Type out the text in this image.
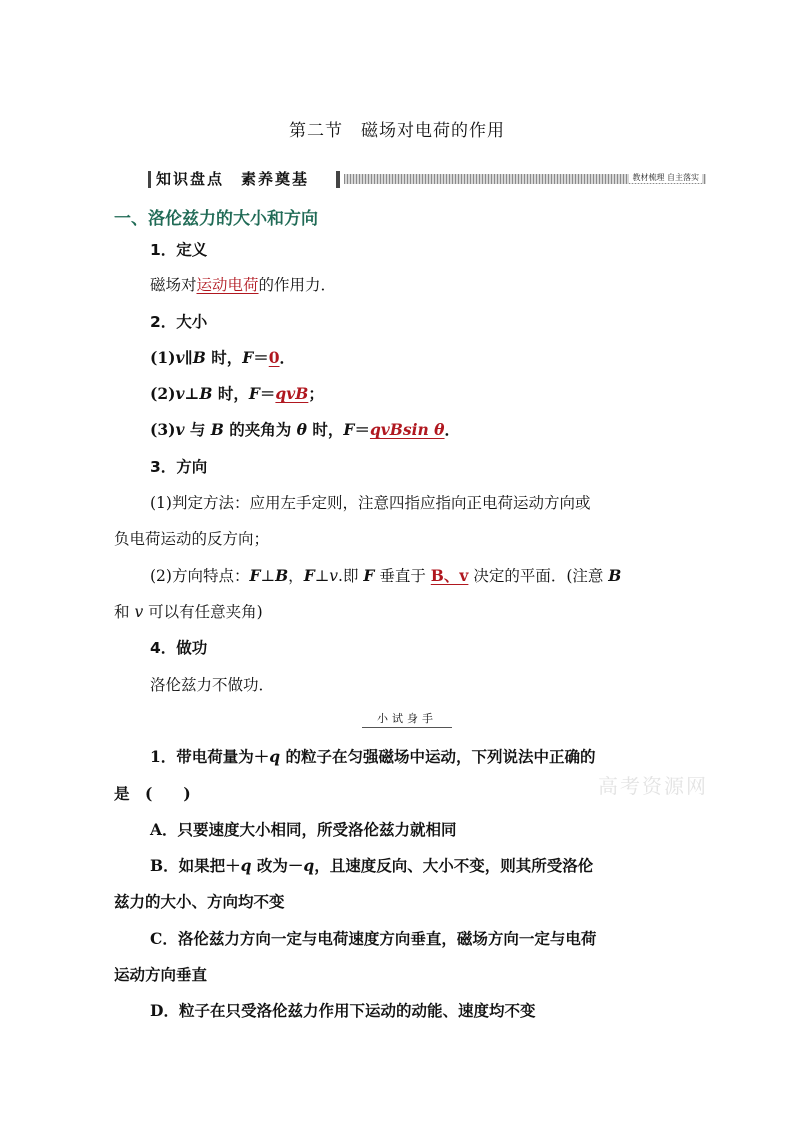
第二节　磁场对电荷的作用
知识盘点　素养奠基	教材梳理 自主落实
一、洛伦兹力的大小和方向
1．定义
磁场对运动电荷的作用力．
2．大小
(1)v∥B 时，F＝0．
(2)v⊥B 时，F＝qvB；
(3)v 与 B 的夹角为 θ 时，F＝qvBsin θ．
3．方向
(1)判定方法：应用左手定则，注意四指应指向正电荷运动方向或
负电荷运动的反方向；
(2)方向特点：F⊥B，F⊥v.即 F 垂直于 B、v 决定的平面．(注意 B
和 v 可以有任意夹角)
4．做功
洛伦兹力不做功．
小试身手
高考资源网
1．带电荷量为＋q 的粒子在匀强磁场中运动，下列说法中正确的
是　(　　)
A．只要速度大小相同，所受洛伦兹力就相同
B．如果把＋q 改为－q，且速度反向、大小不变，则其所受洛伦
兹力的大小、方向均不变
C．洛伦兹力方向一定与电荷速度方向垂直，磁场方向一定与电荷
运动方向垂直
D．粒子在只受洛伦兹力作用下运动的动能、速度均不变
